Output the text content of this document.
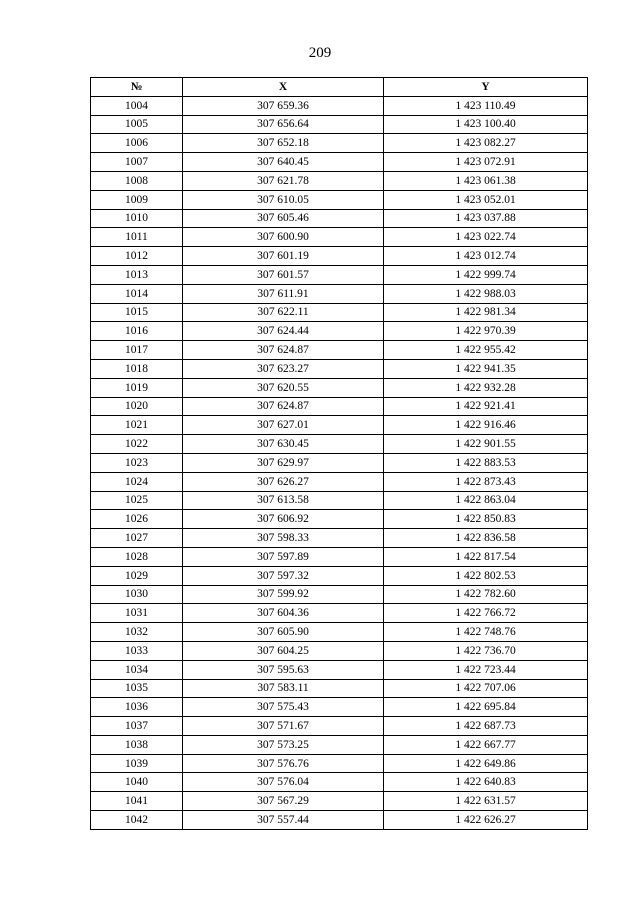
209
№	X	Y
1004	307 659.36	1 423 110.49
1005	307 656.64	1 423 100.40
1006	307 652.18	1 423 082.27
1007	307 640.45	1 423 072.91
1008	307 621.78	1 423 061.38
1009	307 610.05	1 423 052.01
1010	307 605.46	1 423 037.88
1011	307 600.90	1 423 022.74
1012	307 601.19	1 423 012.74
1013	307 601.57	1 422 999.74
1014	307 611.91	1 422 988.03
1015	307 622.11	1 422 981.34
1016	307 624.44	1 422 970.39
1017	307 624.87	1 422 955.42
1018	307 623.27	1 422 941.35
1019	307 620.55	1 422 932.28
1020	307 624.87	1 422 921.41
1021	307 627.01	1 422 916.46
1022	307 630.45	1 422 901.55
1023	307 629.97	1 422 883.53
1024	307 626.27	1 422 873.43
1025	307 613.58	1 422 863.04
1026	307 606.92	1 422 850.83
1027	307 598.33	1 422 836.58
1028	307 597.89	1 422 817.54
1029	307 597.32	1 422 802.53
1030	307 599.92	1 422 782.60
1031	307 604.36	1 422 766.72
1032	307 605.90	1 422 748.76
1033	307 604.25	1 422 736.70
1034	307 595.63	1 422 723.44
1035	307 583.11	1 422 707.06
1036	307 575.43	1 422 695.84
1037	307 571.67	1 422 687.73
1038	307 573.25	1 422 667.77
1039	307 576.76	1 422 649.86
1040	307 576.04	1 422 640.83
1041	307 567.29	1 422 631.57
1042	307 557.44	1 422 626.27
